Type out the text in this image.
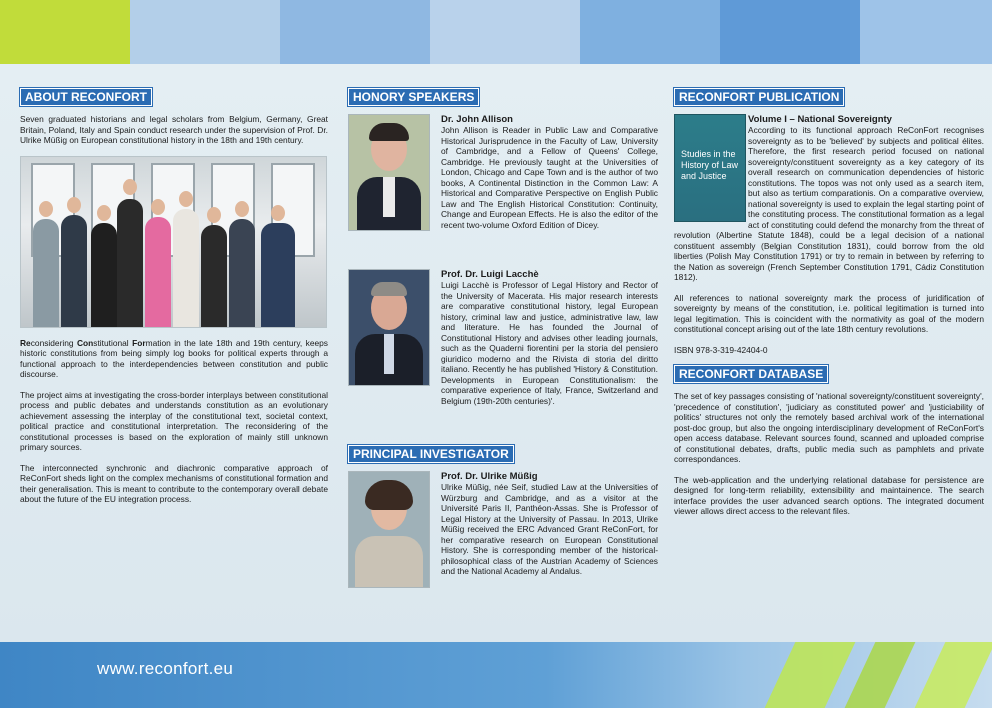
ABOUT RECONFORT

Seven graduated historians and legal scholars from Belgium, Germany, Great Britain, Poland, Italy and Spain conduct research under the supervision of Prof. Dr. Ulrike Müßig on European constitutional history in the 18th and 19th century.

Reconsidering Constitutional Formation in the late 18th and 19th century, keeps historic constitutions from being simply log books for political experts through a functional approach to the interdependencies between constitution and public discourse.

The project aims at investigating the cross-border interplays between constitutional process and public debates and understands constitution as an evolutionary achievement assessing the interplay of the constitutional text, societal context, political practice and constitutional interpretation. The reconsidering of the constitutional processes is based on the exploration of mainly still unknown primary sources.

The interconnected synchronic and diachronic comparative approach of ReConFort sheds light on the complex mechanisms of constitutional formation and their generalisation. This is meant to contribute to the contemporary overall debate about the future of the EU integration process.

HONORY SPEAKERS
Dr. John Allison
John Allison is Reader in Public Law and Comparative Historical Jurisprudence in the Faculty of Law, University of Cambridge, and a Fellow of Queens' College, Cambridge. He previously taught at the Universities of London, Chicago and Cape Town and is the author of two books, A Continental Distinction in the Common Law: A Historical and Comparative Perspective on English Public Law and The English Historical Constitution: Continuity, Change and European Effects. He is also the editor of the recent two-volume Oxford Edition of Dicey.
Prof. Dr. Luigi Lacchè
Luigi Lacchè is Professor of Legal History and Rector of the University of Macerata. His major research interests are comparative constitutional history, legal European history, criminal law and justice, administrative law, law and literature. He has founded the Journal of Constitutional History and advises other leading journals, such as the Quaderni fiorentini per la storia del pensiero giuridico moderno and the Rivista di storia del diritto italiano. Recently he has published 'History & Constitution. Developments in European Constitutionalism: the comparative experience of Italy, France, Switzerland and Belgium (19th-20th centuries)'.
PRINCIPAL INVESTIGATOR
Prof. Dr. Ulrike Müßig
Ulrike Müßig, née Seif, studied Law at the Universities of Würzburg and Cambridge, and as a visitor at the Université Paris II, Panthéon-Assas. She is Professor of Legal History at the University of Passau. In 2013, Ulrike Müßig received the ERC Advanced Grant ReConFort, for her comparative research on European Constitutional History. She is corresponding member of the historical-philosophical class of the Austrian Academy of Sciences and the National Academy al Andalus.
RECONFORT PUBLICATION
Studies in the History of Law and Justice
Volume I – National Sovereignty

According to its functional approach ReConFort recognises sovereignty as to be 'believed' by subjects and political élites. Therefore, the first research period focused on national sovereignty/constituent sovereignty as a key category of its overall research on communication dependencies of historic constitutions. The topos was not only used as a search item, but also as tertium comparationis. On a comparative overview, national sovereignty is used to explain the legal starting point of the constituting process. The constitutional formation as a legal act of constituting could defend the monarchy from the threat of revolution (Albertine Statute 1848), could be a legal decision of a national constituent assembly (Belgian Constitution 1831), could borrow from the old liberties (Polish May Constitution 1791) or try to remain in between by referring to the Nation as sovereign (French September Constitution 1791, Cádiz Constitution 1812).

All references to national sovereignty mark the process of juridification of sovereignty by means of the constitution, i.e. political legitimation is turned into legal legitimation. This is coincident with the normativity as goal of the modern constitutional concept arising out of the late 18th century revolutions.

ISBN 978-3-319-42404-0

RECONFORT DATABASE

The set of key passages consisting of 'national sovereignty/constituent sovereignty', 'precedence of constitution', 'judiciary as constituted power' and 'justiciability of politics' structures not only the remotely based archival work of the international post-doc group, but also the ongoing interdisciplinary development of ReConFort's open access database. Relevant sources found, scanned and uploaded comprise of constitutional debates, drafts, public media such as pamphlets and private correspondances.

The web-application and the underlying relational database for persistence are designed for long-term reliability, extensibility and maintainence. The search interface provides the user advanced search options. The integrated document viewer allows direct access to the relevant files.

www.reconfort.eu
